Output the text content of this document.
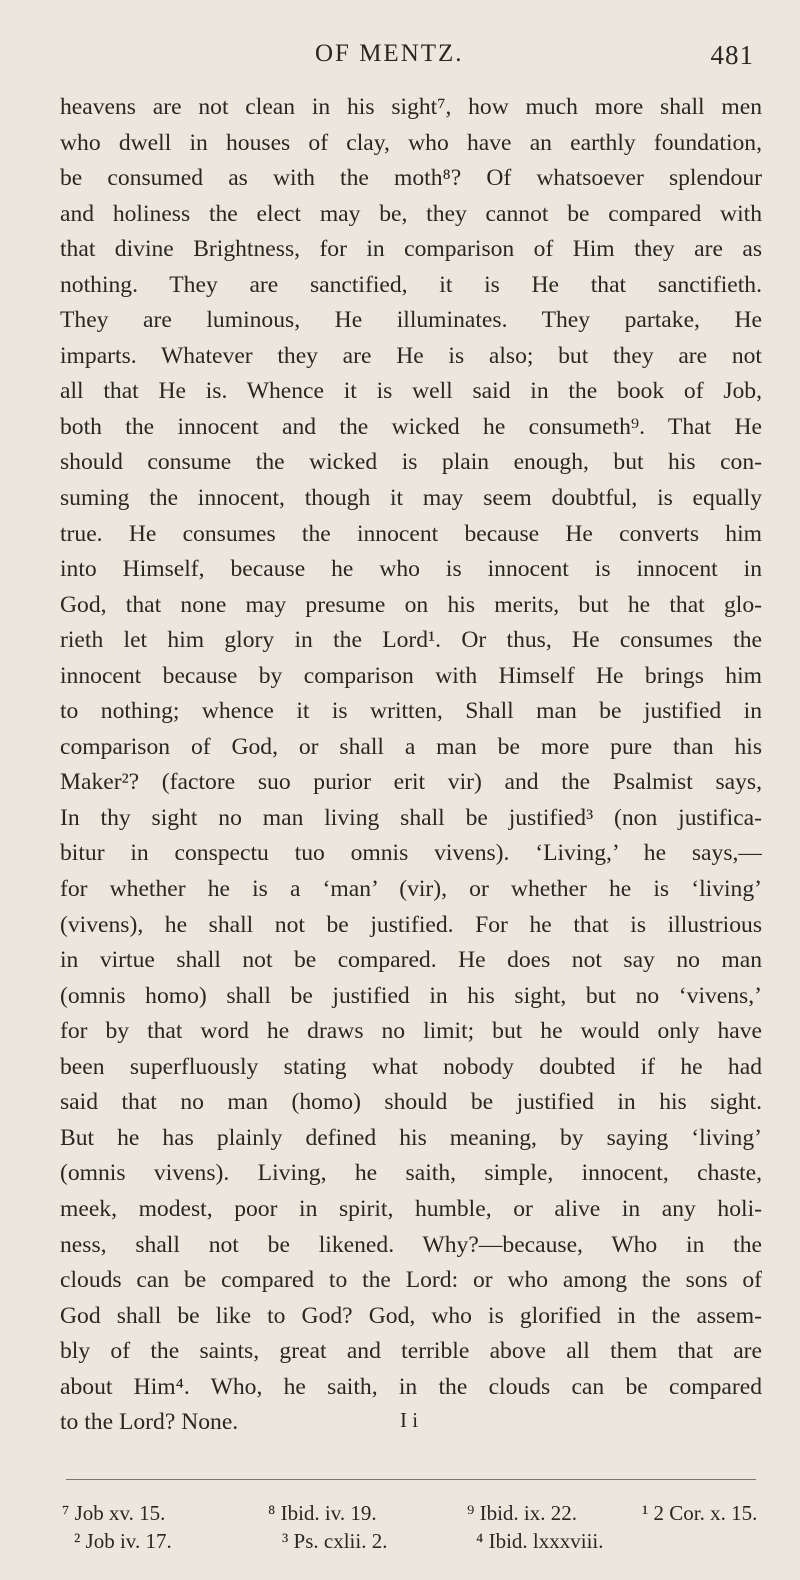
OF MENTZ.	481
heavens are not clean in his sight⁷, how much more shall men
who dwell in houses of clay, who have an earthly foundation,
be consumed as with the moth⁸? Of whatsoever splendour
and holiness the elect may be, they cannot be compared with
that divine Brightness, for in comparison of Him they are as
nothing. They are sanctified, it is He that sanctifieth.
They are luminous, He illuminates. They partake, He
imparts. Whatever they are He is also; but they are not
all that He is. Whence it is well said in the book of Job,
both the innocent and the wicked he consumeth⁹. That He
should consume the wicked is plain enough, but his con-
suming the innocent, though it may seem doubtful, is equally
true. He consumes the innocent because He converts him
into Himself, because he who is innocent is innocent in
God, that none may presume on his merits, but he that glo-
rieth let him glory in the Lord¹. Or thus, He consumes the
innocent because by comparison with Himself He brings him
to nothing; whence it is written, Shall man be justified in
comparison of God, or shall a man be more pure than his
Maker²? (factore suo purior erit vir) and the Psalmist says,
In thy sight no man living shall be justified³ (non justifica-
bitur in conspectu tuo omnis vivens). ‘Living,’ he says,—
for whether he is a ‘man’ (vir), or whether he is ‘living’
(vivens), he shall not be justified. For he that is illustrious
in virtue shall not be compared. He does not say no man
(omnis homo) shall be justified in his sight, but no ‘vivens,’
for by that word he draws no limit; but he would only have
been superfluously stating what nobody doubted if he had
said that no man (homo) should be justified in his sight.
But he has plainly defined his meaning, by saying ‘living’
(omnis vivens). Living, he saith, simple, innocent, chaste,
meek, modest, poor in spirit, humble, or alive in any holi-
ness, shall not be likened. Why?—because, Who in the
clouds can be compared to the Lord: or who among the sons of
God shall be like to God? God, who is glorified in the assem-
bly of the saints, great and terrible above all them that are
about Him⁴. Who, he saith, in the clouds can be compared
to the Lord? None.
⁷ Job xv. 15.	⁸ Ibid. iv. 19.	⁹ Ibid. ix. 22.	¹ 2 Cor. x. 15.
² Job iv. 17.	³ Ps. cxlii. 2.	⁴ Ibid. lxxxviii.
I i
